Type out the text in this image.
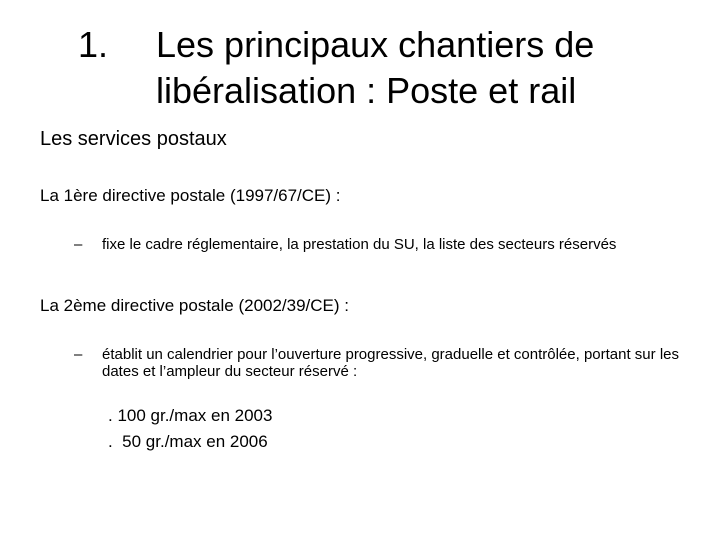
1. Les principaux chantiers de
libéralisation : Poste et rail
Les services postaux
La 1ère directive postale (1997/67/CE) :
– fixe le cadre réglementaire, la prestation du SU, la liste des secteurs réservés
La 2ème directive postale (2002/39/CE) :
– établit un calendrier pour l’ouverture progressive, graduelle et contrôlée, portant sur les dates et l’ampleur du secteur réservé :
. 100 gr./max en 2003
.  50 gr./max en 2006
